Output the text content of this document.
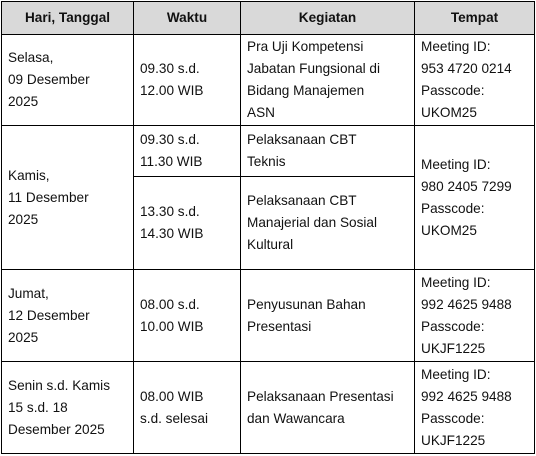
Hari, Tanggal	Waktu	Kegiatan	Tempat

Selasa,
09 Desember
2025	09.30 s.d.
12.00 WIB	Pra Uji Kompetensi
Jabatan Fungsional di
Bidang Manajemen
ASN	Meeting ID:
953 4720 0214
Passcode:
UKOM25

Kamis,
11 Desember
2025	09.30 s.d.
11.30 WIB	Pelaksanaan CBT
Teknis	Meeting ID:
980 2405 7299
Passcode:
UKOM25

	13.30 s.d.
14.30 WIB	Pelaksanaan CBT
Manajerial dan Sosial
Kultural	

Jumat,
12 Desember
2025	08.00 s.d.
10.00 WIB	Penyusunan Bahan
Presentasi	Meeting ID:
992 4625 9488
Passcode:
UKJF1225

Senin s.d. Kamis
15 s.d. 18
Desember 2025	08.00 WIB
s.d. selesai	Pelaksanaan Presentasi
dan Wawancara	Meeting ID:
992 4625 9488
Passcode:
UKJF1225
